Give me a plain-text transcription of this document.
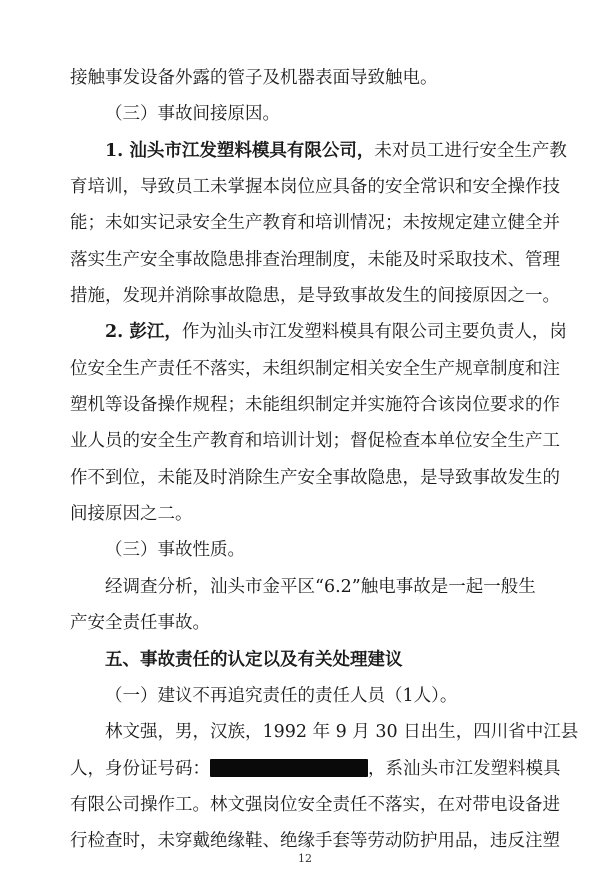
接触事发设备外露的管子及机器表面导致触电。
（三）事故间接原因。
1. 汕头市江发塑料模具有限公司，未对员工进行安全生产教
育培训，导致员工未掌握本岗位应具备的安全常识和安全操作技
能；未如实记录安全生产教育和培训情况；未按规定建立健全并
落实生产安全事故隐患排查治理制度，未能及时采取技术、管理
措施，发现并消除事故隐患，是导致事故发生的间接原因之一。
2. 彭江，作为汕头市江发塑料模具有限公司主要负责人，岗
位安全生产责任不落实，未组织制定相关安全生产规章制度和注
塑机等设备操作规程；未能组织制定并实施符合该岗位要求的作
业人员的安全生产教育和培训计划；督促检查本单位安全生产工
作不到位，未能及时消除生产安全事故隐患，是导致事故发生的
间接原因之二。
（三）事故性质。
经调查分析，汕头市金平区“6.2”触电事故是一起一般生
产安全责任事故。
五、事故责任的认定以及有关处理建议
（一）建议不再追究责任的责任人员（1人）。
林文强，男，汉族，1992 年 9 月 30 日出生，四川省中江县
人，身份证号码：	，系汕头市江发塑料模具
有限公司操作工。林文强岗位安全责任不落实，在对带电设备进
行检查时，未穿戴绝缘鞋、绝缘手套等劳动防护用品，违反注塑
12
